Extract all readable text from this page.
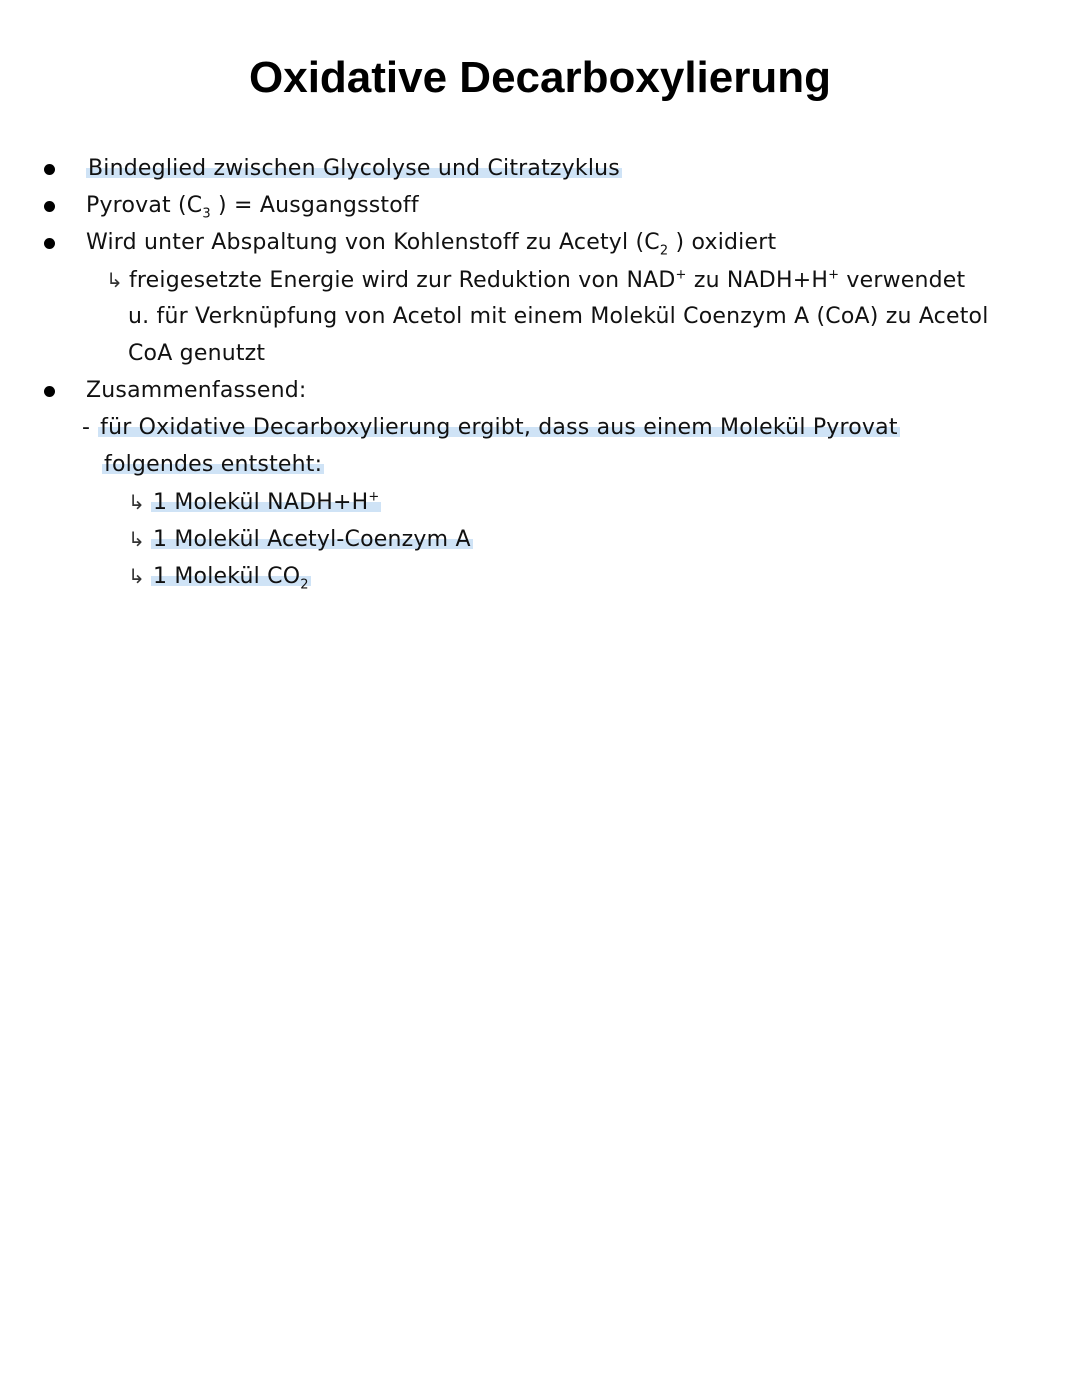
Oxidative Decarboxylierung
Bindeglied zwischen Glycolyse und Citratzyklus
Pyrovat ($C_3$ ) = Ausgangsstoff
Wird unter Abspaltung von Kohlenstoff zu Acetyl ($C_2$ ) oxidiert
↳ freigesetzte Energie wird zur Reduktion von NAD+ zu NADH+H+ verwendet
u. für Verknüpfung von Acetol mit einem Molekül Coenzym A (CoA) zu Acetol
CoA genutzt
Zusammenfassend:
- für Oxidative Decarboxylierung ergibt, dass aus einem Molekül Pyrovat
folgendes entsteht:
↳ 1 Molekül NADH+H+
↳ 1 Molekül Acetyl-Coenzym A
↳ 1 Molekül $CO_2$
